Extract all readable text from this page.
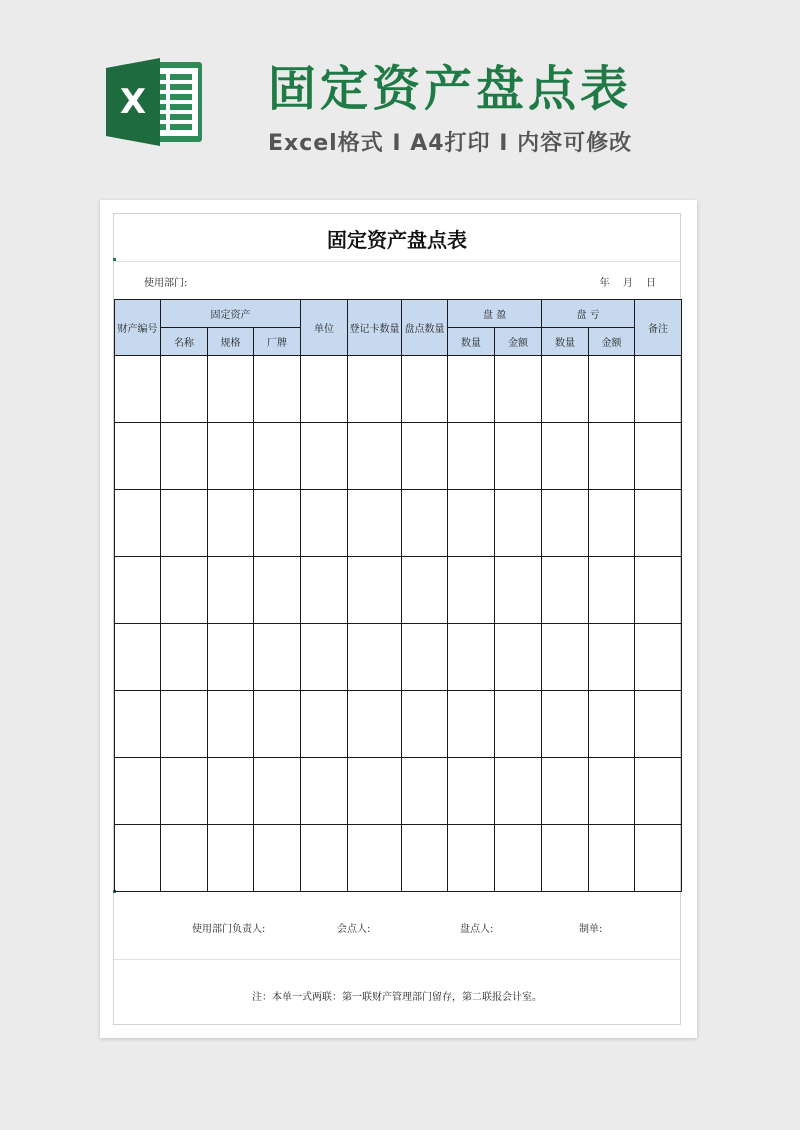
X	固定资产盘点表
Excel格式 I A4打印 I 内容可修改
固定资产盘点表
使用部门:	年 月 日
财产编号	固定资产			单位	登记卡数量	盘点数量	盘 盈		盘 亏		备注
	名称	规格	厂牌				数量	金额	数量	金额	

使用部门负责人:	会点人:	盘点人:	制单:
注：本单一式两联：第一联财产管理部门留存，第二联报会计室。
